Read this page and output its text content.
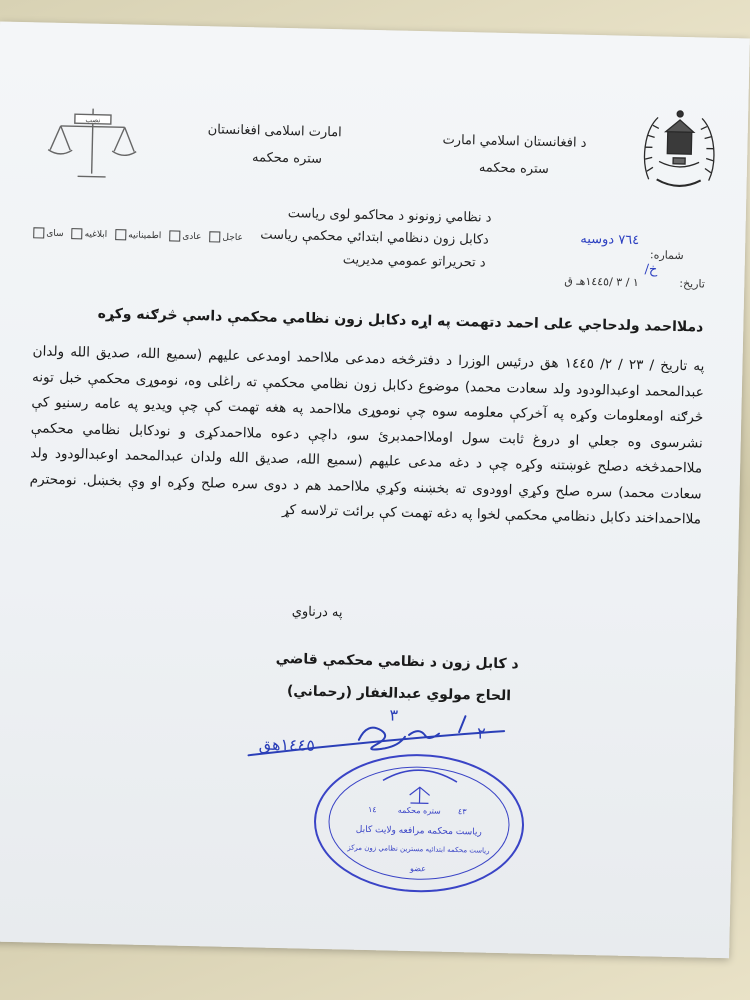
نصب
د افغانستان اسلامي امارت
ستره محکمه
امارت اسلامی افغانستان
ستره محکمه
د نظامي زونونو د محاکمو لوی ریاست
دکابل زون دنظامي ابتدائي محکمې ریاست
د تحریراتو عمومي مدیریت
عاجل
عادی
اطمینانیه
ابلاغیه
سای
شماره:
٧٦٤ دوسیه
خ/
تاریخ:
١ / ٣ /١٤٤٥هـ ق
دملااحمد ولدحاجي علی احمد دتهمت په اړه دکابل زون نظامي محکمې داسې څرګنه وکړه
په تاریخ / ٢٣ / ٢/ ١٤٤٥ هق درئیس الوزرا د دفترڅخه دمدعی ملااحمد اومدعی علیهم (سمیع الله، صدیق الله ولدان عبدالمحمد اوعبدالودود ولد سعادت محمد) موضوع دکابل زون نظامي محکمې ته راغلی وه، نوموړی محکمې خبل تونه څرګنه اومعلومات وکړه په آخرکې معلومه سوه چې نوموړی ملااحمد په هغه تهمت کې چې ویدیو په عامه رسنیو کې نشرسوی وه جعلي او دروغ ثابت سول اوملااحمدبرئ سو، داچې دعوه ملااحمدکړی و نودکابل نظامي محکمې ملااحمدڅخه دصلح غوښتنه وکړه چې د دغه مدعی علیهم (سمیع الله، صدیق الله ولدان عبدالمحمد اوعبدالودود ولد سعادت محمد) سره صلح وکړي اوودوی ته بخښنه وکړي ملااحمد هم د دوی سره صلح وکړه او وې بخښل. نومحترم ملااحمداخند دکابل دنظامي محکمې لخوا په دغه تهمت کې برائت ترلاسه کړ
په درناوي
د کابل زون د نظامي محکمې قاضي
الحاج مولوي عبدالغفار (رحماني)
٣
٢
١٤٤٥هق
ستره محکمه
١٤	٤٣
ریاست محکمه مرافعه ولایت کابل
ریاست محکمه ابتدائیه مسترین نظامي زون مرکز
عضو
